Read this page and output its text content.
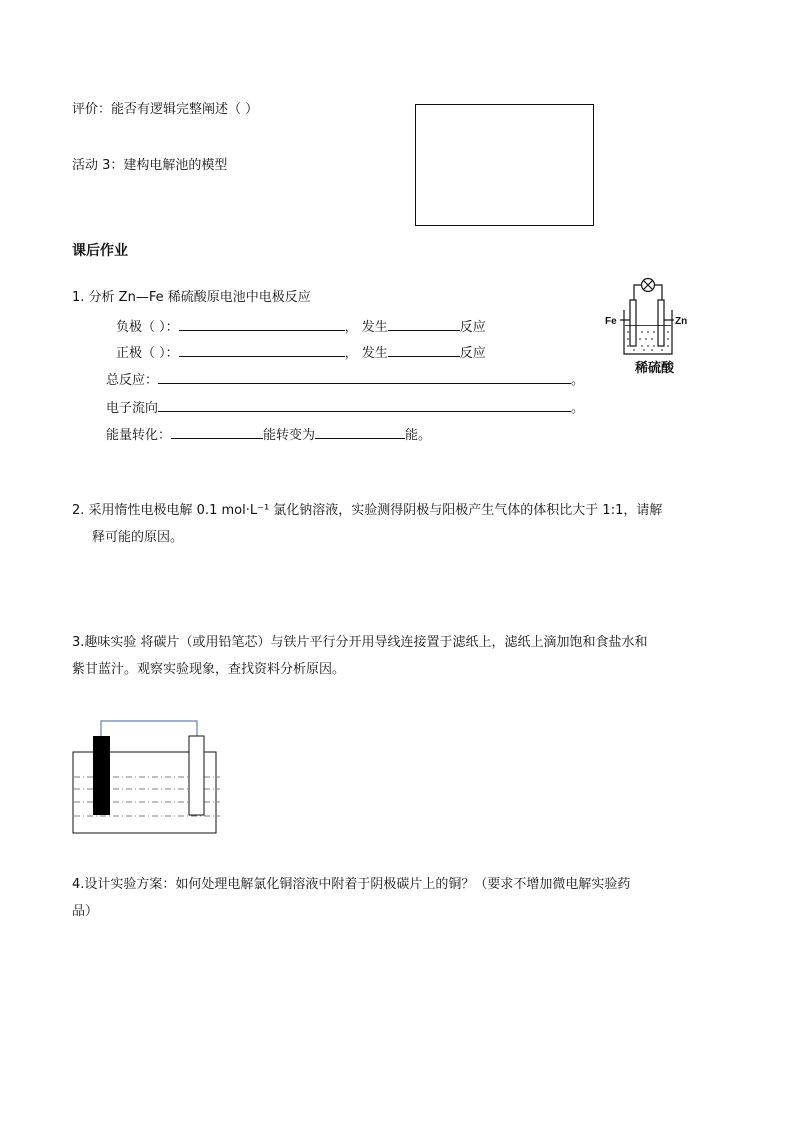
评价：能否有逻辑完整阐述（ ）
活动 3：建构电解池的模型
课后作业
1. 分析 Zn—Fe 稀硫酸原电池中电极反应
负极（ ）：	， 发生	反应
正极（ ）：	， 发生	反应
总反应：	。
电子流向	。
能量转化：	能转变为	能。
Fe	Zn
稀硫酸
2. 采用惰性电极电解 0.1 mol·L⁻¹ 氯化钠溶液，实验测得阴极与阳极产生气体的体积比大于 1:1，请解
释可能的原因。
3.趣味实验 将碳片（或用铅笔芯）与铁片平行分开用导线连接置于滤纸上，滤纸上滴加饱和食盐水和
紫甘蓝汁。观察实验现象，查找资料分析原因。
4.设计实验方案：如何处理电解氯化铜溶液中附着于阴极碳片上的铜？（要求不增加微电解实验药
品）
